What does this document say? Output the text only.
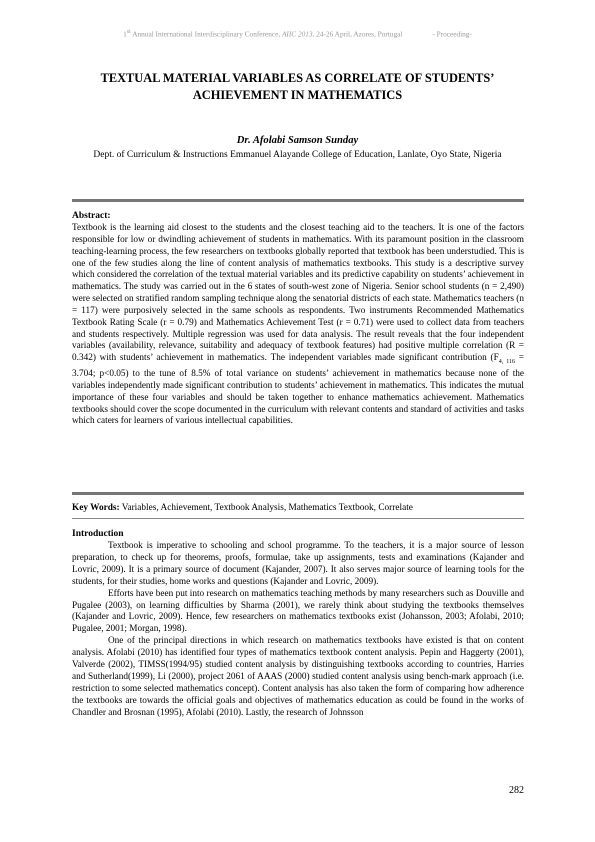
1st Annual International Interdisciplinary Conference, AIIC 2013, 24-26 April, Azores, Portugal	- Proceeding-
TEXTUAL MATERIAL VARIABLES AS CORRELATE OF STUDENTS’ ACHIEVEMENT IN MATHEMATICS
Dr. Afolabi Samson Sunday
Dept. of Curriculum & Instructions Emmanuel Alayande College of Education, Lanlate, Oyo State, Nigeria
Abstract:

Textbook is the learning aid closest to the students and the closest teaching aid to the teachers. It is one of the factors responsible for low or dwindling achievement of students in mathematics. With its paramount position in the classroom teaching-learning process, the few researchers on textbooks globally reported that textbook has been understudied. This is one of the few studies along the line of content analysis of mathematics textbooks. This study is a descriptive survey which considered the correlation of the textual material variables and its predictive capability on students’ achievement in mathematics. The study was carried out in the 6 states of south-west zone of Nigeria. Senior school students (n = 2,490) were selected on stratified random sampling technique along the senatorial districts of each state. Mathematics teachers (n = 117) were purposively selected in the same schools as respondents. Two instruments Recommended Mathematics Textbook Rating Scale (r = 0.79) and Mathematics Achievement Test (r = 0.71) were used to collect data from teachers and students respectively. Multiple regression was used for data analysis. The result reveals that the four independent variables (availability, relevance, suitability and adequacy of textbook features) had positive multiple correlation (R = 0.342) with students’ achievement in mathematics. The independent variables made significant contribution ($F_{4, 116} = 3.704$; p<0.05) to the tune of 8.5% of total variance on students’ achievement in mathematics because none of the variables independently made significant contribution to students’ achievement in mathematics. This indicates the mutual importance of these four variables and should be taken together to enhance mathematics achievement. Mathematics textbooks should cover the scope documented in the curriculum with relevant contents and standard of activities and tasks which caters for learners of various intellectual capabilities.

Key Words: Variables, Achievement, Textbook Analysis, Mathematics Textbook, Correlate
Introduction

Textbook is imperative to schooling and school programme. To the teachers, it is a major source of lesson preparation, to check up for theorems, proofs, formulae, take up assignments, tests and examinations (Kajander and Lovric, 2009). It is a primary source of document (Kajander, 2007). It also serves major source of learning tools for the students, for their studies, home works and questions (Kajander and Lovric, 2009).

Efforts have been put into research on mathematics teaching methods by many researchers such as Douville and Pugalee (2003), on learning difficulties by Sharma (2001), we rarely think about studying the textbooks themselves (Kajander and Lovric, 2009). Hence, few researchers on mathematics textbooks exist (Johansson, 2003; Afolabi, 2010; Pugalee, 2001; Morgan, 1998).

One of the principal directions in which research on mathematics textbooks have existed is that on content analysis. Afolabi (2010) has identified four types of mathematics textbook content analysis. Pepin and Haggerty (2001), Valverde (2002), TIMSS(1994/95) studied content analysis by distinguishing textbooks according to countries, Harries and Sutherland(1999), Li (2000), project 2061 of AAAS (2000) studied content analysis using bench-mark approach (i.e. restriction to some selected mathematics concept). Content analysis has also taken the form of comparing how adherence the textbooks are towards the official goals and objectives of mathematics education as could be found in the works of Chandler and Brosnan (1995), Afolabi (2010). Lastly, the research of Johnsson

282
